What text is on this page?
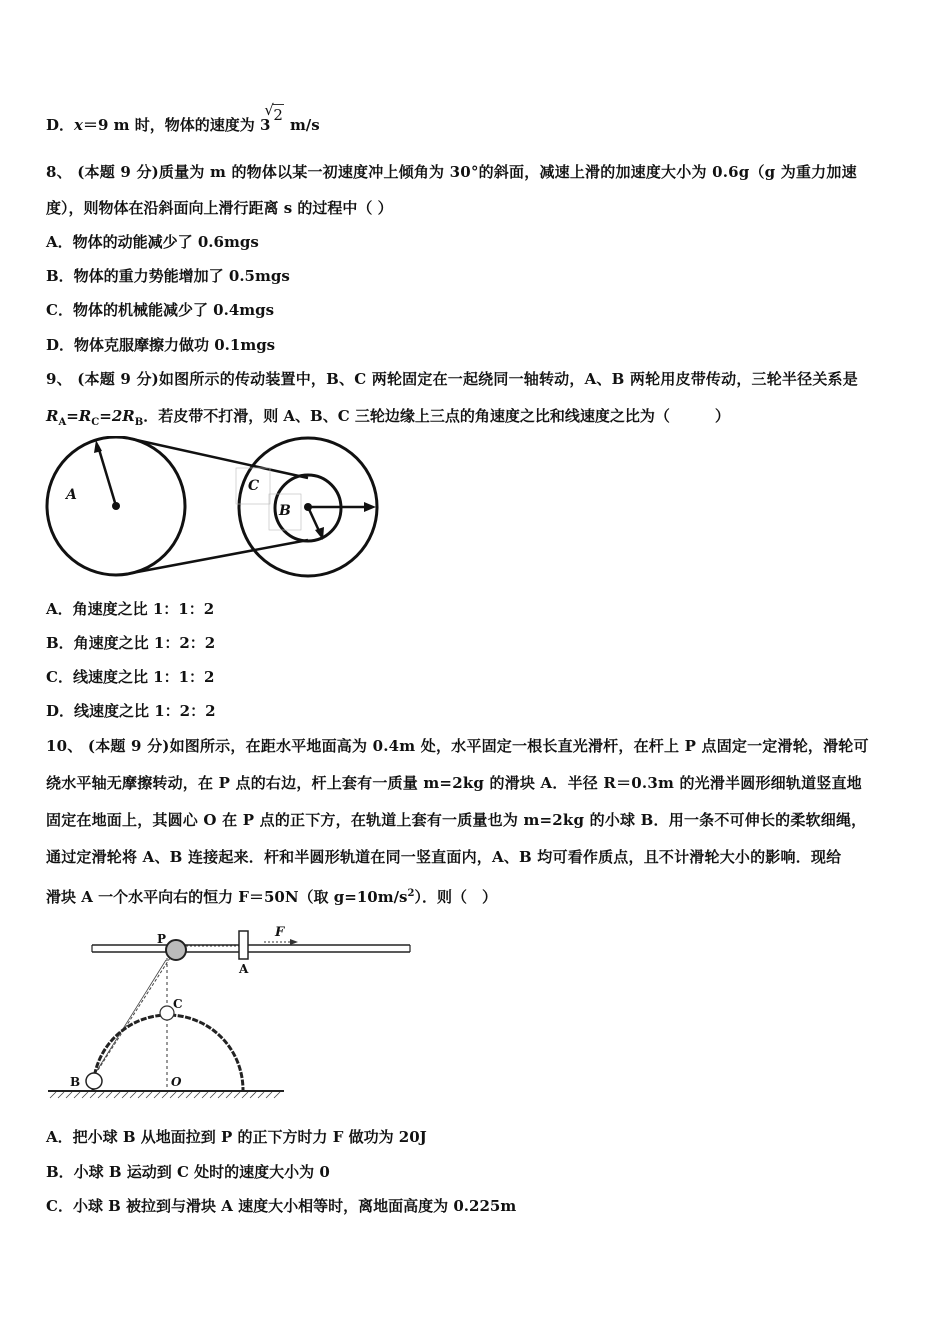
D．x＝9 m 时，物体的速度为 3
√ 2m/s
8、 (本题 9 分)质量为 m 的物体以某一初速度冲上倾角为 30°的斜面，减速上滑的加速度大小为 0.6g（g 为重力加速
度），则物体在沿斜面向上滑行距离 s 的过程中（ ）
A．物体的动能减少了 0.6mgs
B．物体的重力势能增加了 0.5mgs
C．物体的机械能减少了 0.4mgs
D．物体克服摩擦力做功 0.1mgs
9、 (本题 9 分)如图所示的传动装置中，B、C 两轮固定在一起绕同一轴转动，A、B 两轮用皮带传动，三轮半径关系是
$R_A=R_C=2R_B$．若皮带不打滑，则 A、B、C 三轮边缘上三点的角速度之比和线速度之比为（　　　）
A
C
B
A．角速度之比 1：1：2
B．角速度之比 1：2：2
C．线速度之比 1：1：2
D．线速度之比 1：2：2
10、 (本题 9 分)如图所示，在距水平地面高为 0.4m 处，水平固定一根长直光滑杆，在杆上 P 点固定一定滑轮，滑轮可
绕水平轴无摩擦转动，在 P 点的右边，杆上套有一质量 m=2kg 的滑块 A．半径 R＝0.3m 的光滑半圆形细轨道竖直地
固定在地面上，其圆心 O 在 P 点的正下方，在轨道上套有一质量也为 m=2kg 的小球 B．用一条不可伸长的柔软细绳，
通过定滑轮将 A、B 连接起来．杆和半圆形轨道在同一竖直面内，A、B 均可看作质点，且不计滑轮大小的影响．现给
滑块 A 一个水平向右的恒力 F＝50N（取 $g=10m/s^2$）．则（　）
P
A
F
C
B	O
A．把小球 B 从地面拉到 P 的正下方时力 F 做功为 20J
B．小球 B 运动到 C 处时的速度大小为 0
C．小球 B 被拉到与滑块 A 速度大小相等时，离地面高度为 0.225m
